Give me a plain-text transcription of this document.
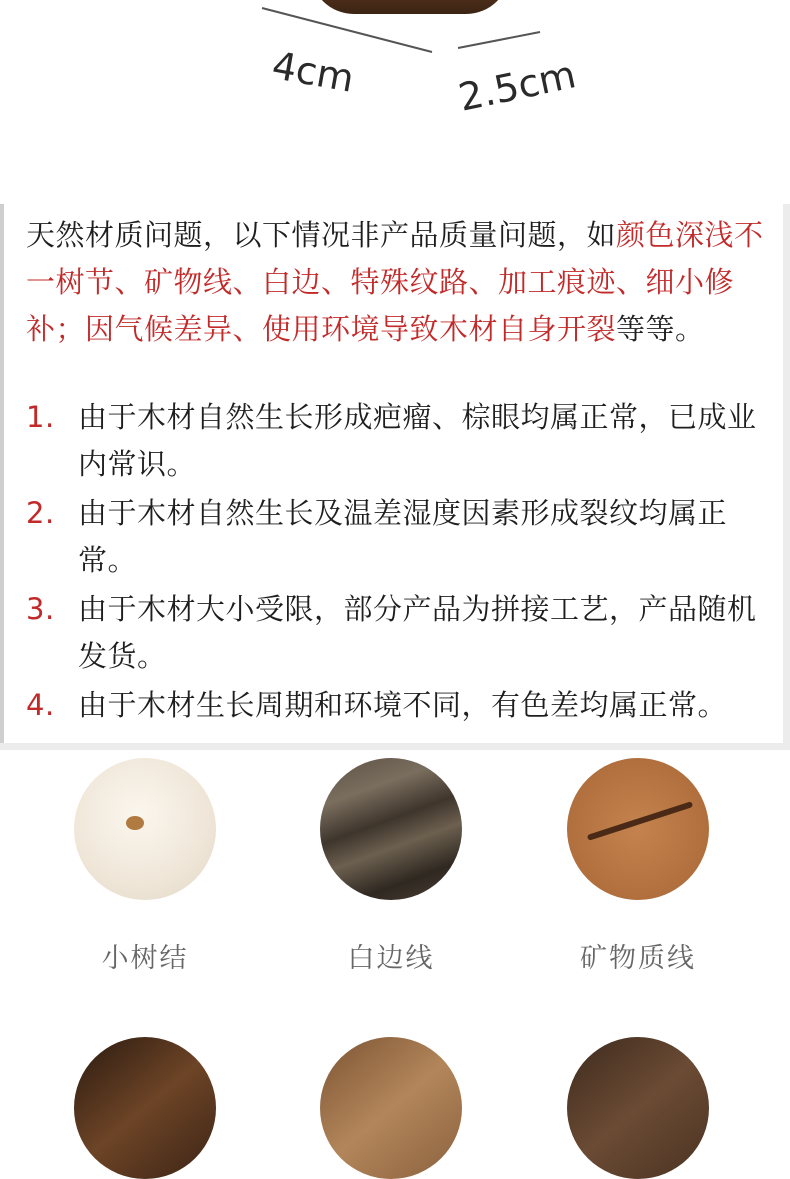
4cm	2.5cm

天然材质问题，以下情况非产品质量问题，如颜色深浅不一树节、矿物线、白边、特殊纹路、加工痕迹、细小修补；因气候差异、使用环境导致木材自身开裂等等。

1. 由于木材自然生长形成疤瘤、棕眼均属正常，已成业内常识。
2. 由于木材自然生长及温差湿度因素形成裂纹均属正常。
3. 由于木材大小受限，部分产品为拼接工艺，产品随机发货。
4. 由于木材生长周期和环境不同，有色差均属正常。
小树结	白边线	矿物质线
